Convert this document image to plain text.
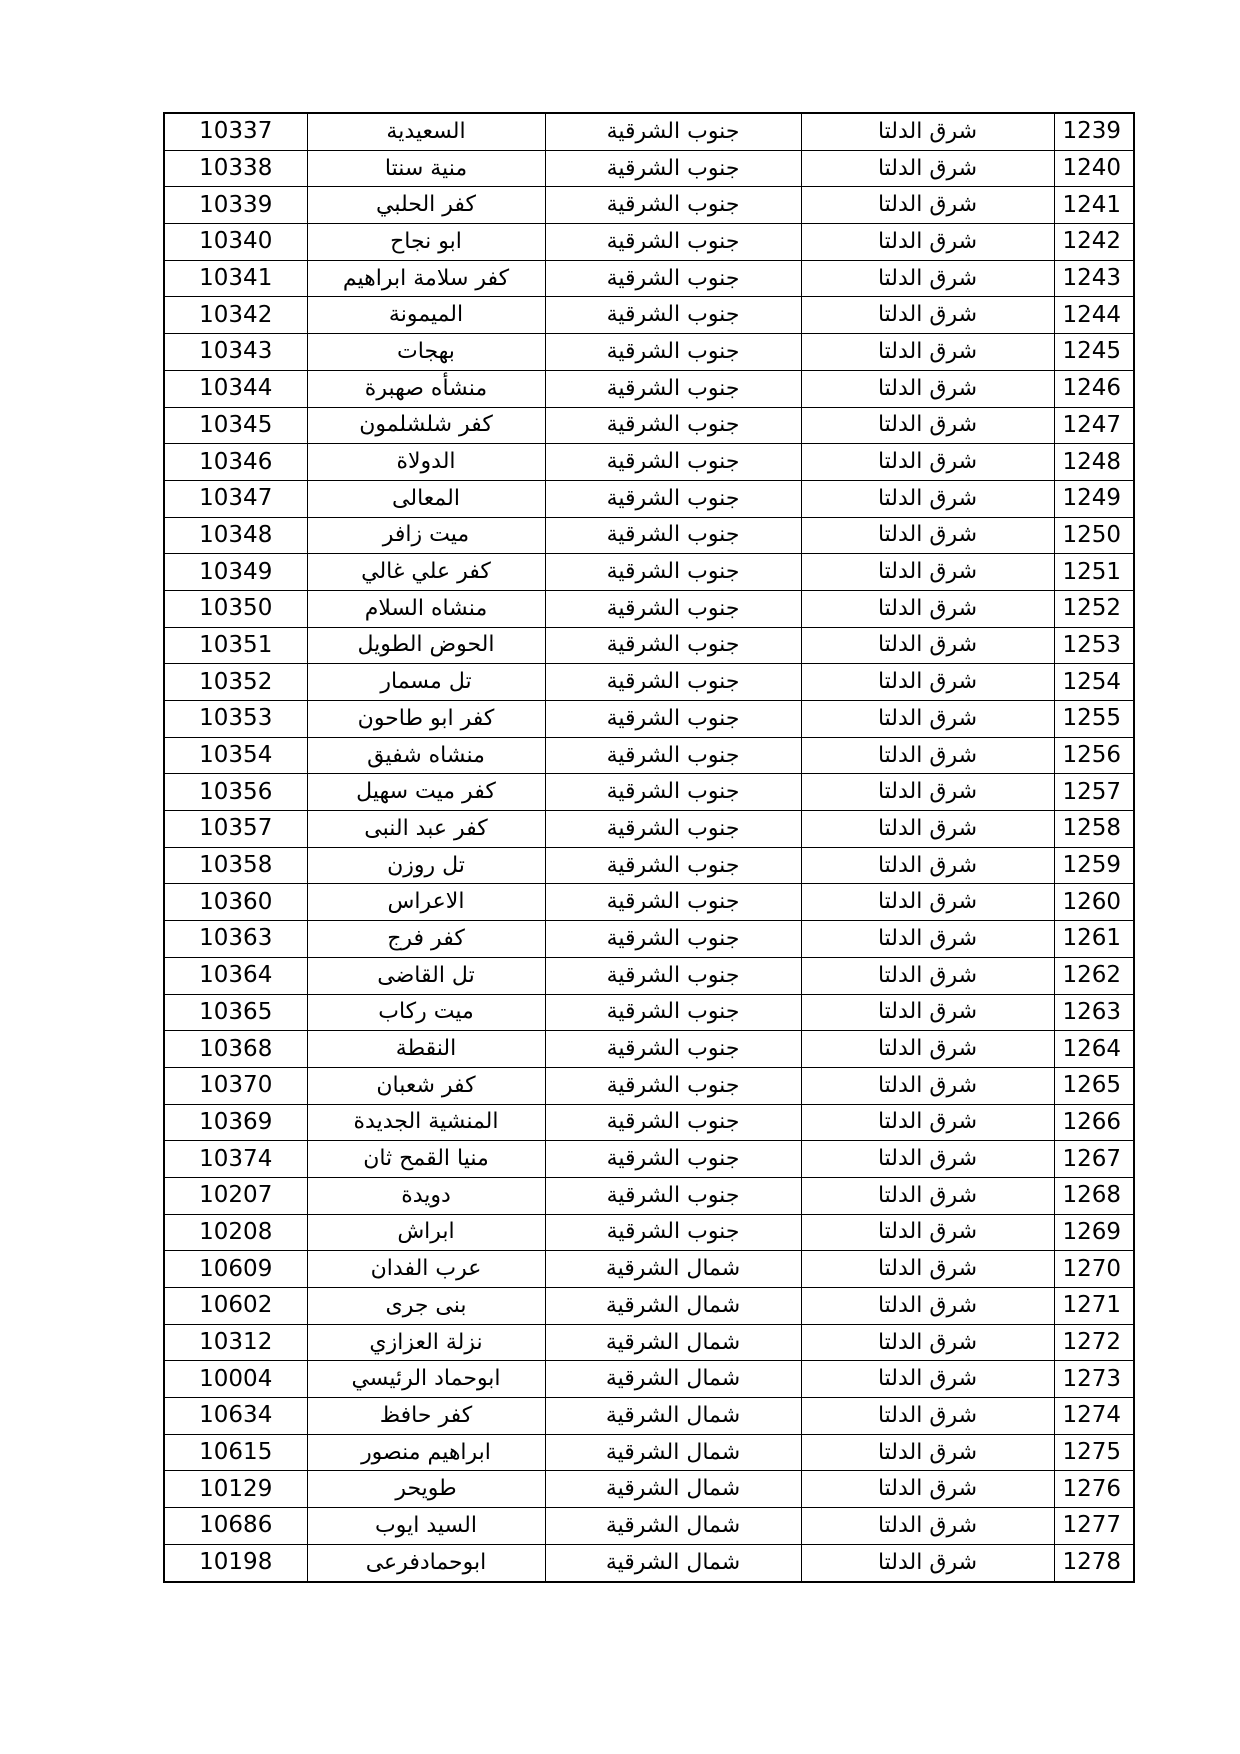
10337	السعيدية	جنوب الشرقية	شرق الدلتا	1239
10338	منية سنتا	جنوب الشرقية	شرق الدلتا	1240
10339	كفر الحلبي	جنوب الشرقية	شرق الدلتا	1241
10340	ابو نجاح	جنوب الشرقية	شرق الدلتا	1242
10341	كفر سلامة ابراهيم	جنوب الشرقية	شرق الدلتا	1243
10342	الميمونة	جنوب الشرقية	شرق الدلتا	1244
10343	بهجات	جنوب الشرقية	شرق الدلتا	1245
10344	منشأه صهبرة	جنوب الشرقية	شرق الدلتا	1246
10345	كفر شلشلمون	جنوب الشرقية	شرق الدلتا	1247
10346	الدولاة	جنوب الشرقية	شرق الدلتا	1248
10347	المعالى	جنوب الشرقية	شرق الدلتا	1249
10348	ميت زافر	جنوب الشرقية	شرق الدلتا	1250
10349	كفر علي غالي	جنوب الشرقية	شرق الدلتا	1251
10350	منشاه السلام	جنوب الشرقية	شرق الدلتا	1252
10351	الحوض الطويل	جنوب الشرقية	شرق الدلتا	1253
10352	تل مسمار	جنوب الشرقية	شرق الدلتا	1254
10353	كفر ابو طاحون	جنوب الشرقية	شرق الدلتا	1255
10354	منشاه شفيق	جنوب الشرقية	شرق الدلتا	1256
10356	كفر ميت سهيل	جنوب الشرقية	شرق الدلتا	1257
10357	كفر عبد النبى	جنوب الشرقية	شرق الدلتا	1258
10358	تل روزن	جنوب الشرقية	شرق الدلتا	1259
10360	الاعراس	جنوب الشرقية	شرق الدلتا	1260
10363	كفر فرج	جنوب الشرقية	شرق الدلتا	1261
10364	تل القاضى	جنوب الشرقية	شرق الدلتا	1262
10365	ميت ركاب	جنوب الشرقية	شرق الدلتا	1263
10368	النقطة	جنوب الشرقية	شرق الدلتا	1264
10370	كفر شعبان	جنوب الشرقية	شرق الدلتا	1265
10369	المنشية الجديدة	جنوب الشرقية	شرق الدلتا	1266
10374	منيا القمح ثان	جنوب الشرقية	شرق الدلتا	1267
10207	دويدة	جنوب الشرقية	شرق الدلتا	1268
10208	ابراش	جنوب الشرقية	شرق الدلتا	1269
10609	عرب الفدان	شمال الشرقية	شرق الدلتا	1270
10602	بنى جرى	شمال الشرقية	شرق الدلتا	1271
10312	نزلة العزازي	شمال الشرقية	شرق الدلتا	1272
10004	ابوحماد الرئيسي	شمال الشرقية	شرق الدلتا	1273
10634	كفر حافظ	شمال الشرقية	شرق الدلتا	1274
10615	ابراهيم منصور	شمال الشرقية	شرق الدلتا	1275
10129	طويحر	شمال الشرقية	شرق الدلتا	1276
10686	السيد ايوب	شمال الشرقية	شرق الدلتا	1277
10198	ابوحمادفرعى	شمال الشرقية	شرق الدلتا	1278
